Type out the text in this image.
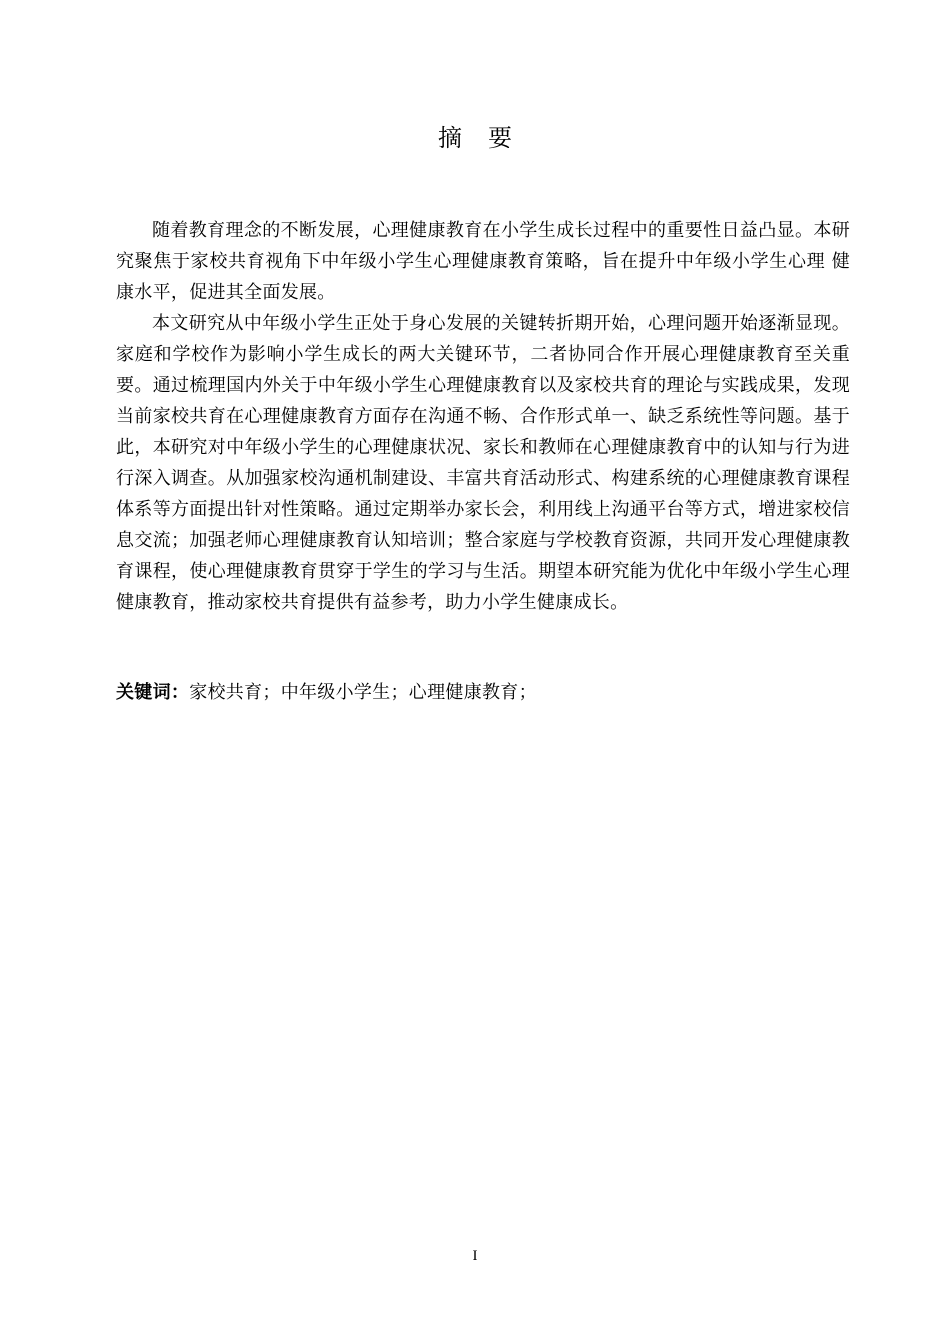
摘要

随着教育理念的不断发展，心理健康教育在小学生成长过程中的重要性日益凸显。本研究聚焦于家校共育视角下中年级小学生心理健康教育策略，旨在提升中年级小学生心理 健康水平，促进其全面发展。

本文研究从中年级小学生正处于身心发展的关键转折期开始，心理问题开始逐渐显现。家庭和学校作为影响小学生成长的两大关键环节，二者协同合作开展心理健康教育至关重要。通过梳理国内外关于中年级小学生心理健康教育以及家校共育的理论与实践成果，发现当前家校共育在心理健康教育方面存在沟通不畅、合作形式单一、缺乏系统性等问题。基于此，本研究对中年级小学生的心理健康状况、家长和教师在心理健康教育中的认知与行为进行深入调查。从加强家校沟通机制建设、丰富共育活动形式、构建系统的心理健康教育课程体系等方面提出针对性策略。通过定期举办家长会，利用线上沟通平台等方式，增进家校信息交流；加强老师心理健康教育认知培训；整合家庭与学校教育资源，共同开发心理健康教育课程，使心理健康教育贯穿于学生的学习与生活。期望本研究能为优化中年级小学生心理健康教育，推动家校共育提供有益参考，助力小学生健康成长。

关键词：家校共育；中年级小学生；心理健康教育；
I
